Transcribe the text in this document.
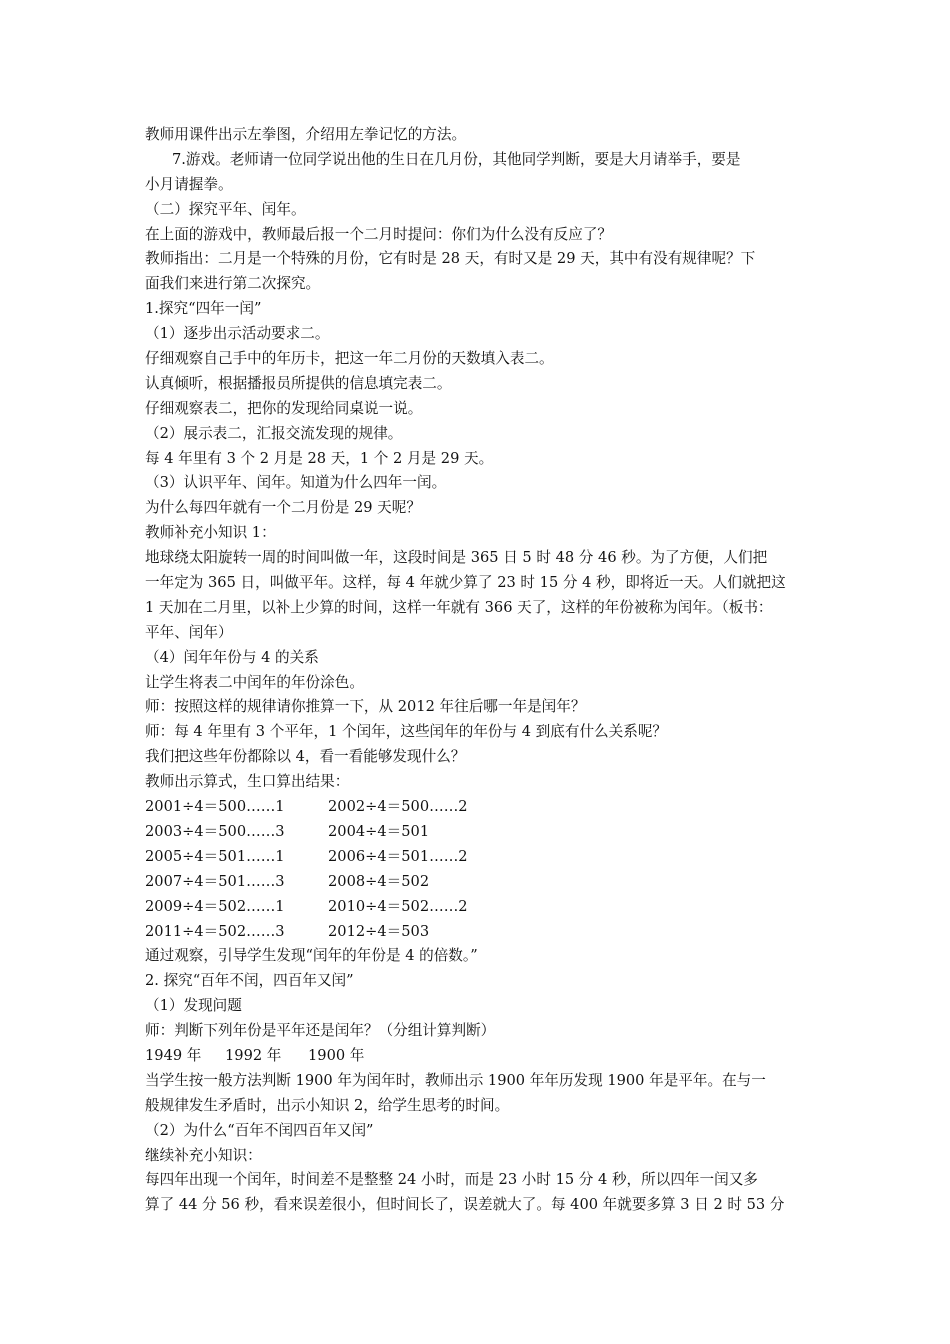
教师用课件出示左拳图，介绍用左拳记忆的方法。
7.游戏。老师请一位同学说出他的生日在几月份，其他同学判断，要是大月请举手，要是
小月请握拳。
（二）探究平年、闰年。
在上面的游戏中，教师最后报一个二月时提问：你们为什么没有反应了？
教师指出：二月是一个特殊的月份，它有时是 28 天，有时又是 29 天，其中有没有规律呢？下
面我们来进行第二次探究。
1.探究“四年一闰”
（1）逐步出示活动要求二。
仔细观察自己手中的年历卡，把这一年二月份的天数填入表二。
认真倾听，根据播报员所提供的信息填完表二。
仔细观察表二，把你的发现给同桌说一说。
（2）展示表二，汇报交流发现的规律。
每 4 年里有 3 个 2 月是 28 天，1 个 2 月是 29 天。
（3）认识平年、闰年。知道为什么四年一闰。
为什么每四年就有一个二月份是 29 天呢？
教师补充小知识 1：
地球绕太阳旋转一周的时间叫做一年，这段时间是 365 日 5 时 48 分 46 秒。为了方便，人们把
一年定为 365 日，叫做平年。这样，每 4 年就少算了 23 时 15 分 4 秒，即将近一天。人们就把这
1 天加在二月里，以补上少算的时间，这样一年就有 366 天了，这样的年份被称为闰年。（板书：
平年、闰年）
（4）闰年年份与 4 的关系
让学生将表二中闰年的年份涂色。
师：按照这样的规律请你推算一下，从 2012 年往后哪一年是闰年？
师：每 4 年里有 3 个平年，1 个闰年，这些闰年的年份与 4 到底有什么关系呢？
我们把这些年份都除以 4，看一看能够发现什么？
教师出示算式，生口算出结果：
2001÷4＝500……1	2002÷4＝500……2
2003÷4＝500……3	2004÷4＝501
2005÷4＝501……1	2006÷4＝501……2
2007÷4＝501……3	2008÷4＝502
2009÷4＝502……1	2010÷4＝502……2
2011÷4＝502……3	2012÷4＝503
通过观察，引导学生发现“闰年的年份是 4 的倍数。”
2. 探究“百年不闰，四百年又闰”
（1）发现问题
师：判断下列年份是平年还是闰年？（分组计算判断）
1949 年	1992 年	1900 年
当学生按一般方法判断 1900 年为闰年时，教师出示 1900 年年历发现 1900 年是平年。在与一
般规律发生矛盾时，出示小知识 2，给学生思考的时间。
（2）为什么“百年不闰四百年又闰”
继续补充小知识：
每四年出现一个闰年，时间差不是整整 24 小时，而是 23 小时 15 分 4 秒，所以四年一闰又多
算了 44 分 56 秒，看来误差很小，但时间长了，误差就大了。每 400 年就要多算 3 日 2 时 53 分
